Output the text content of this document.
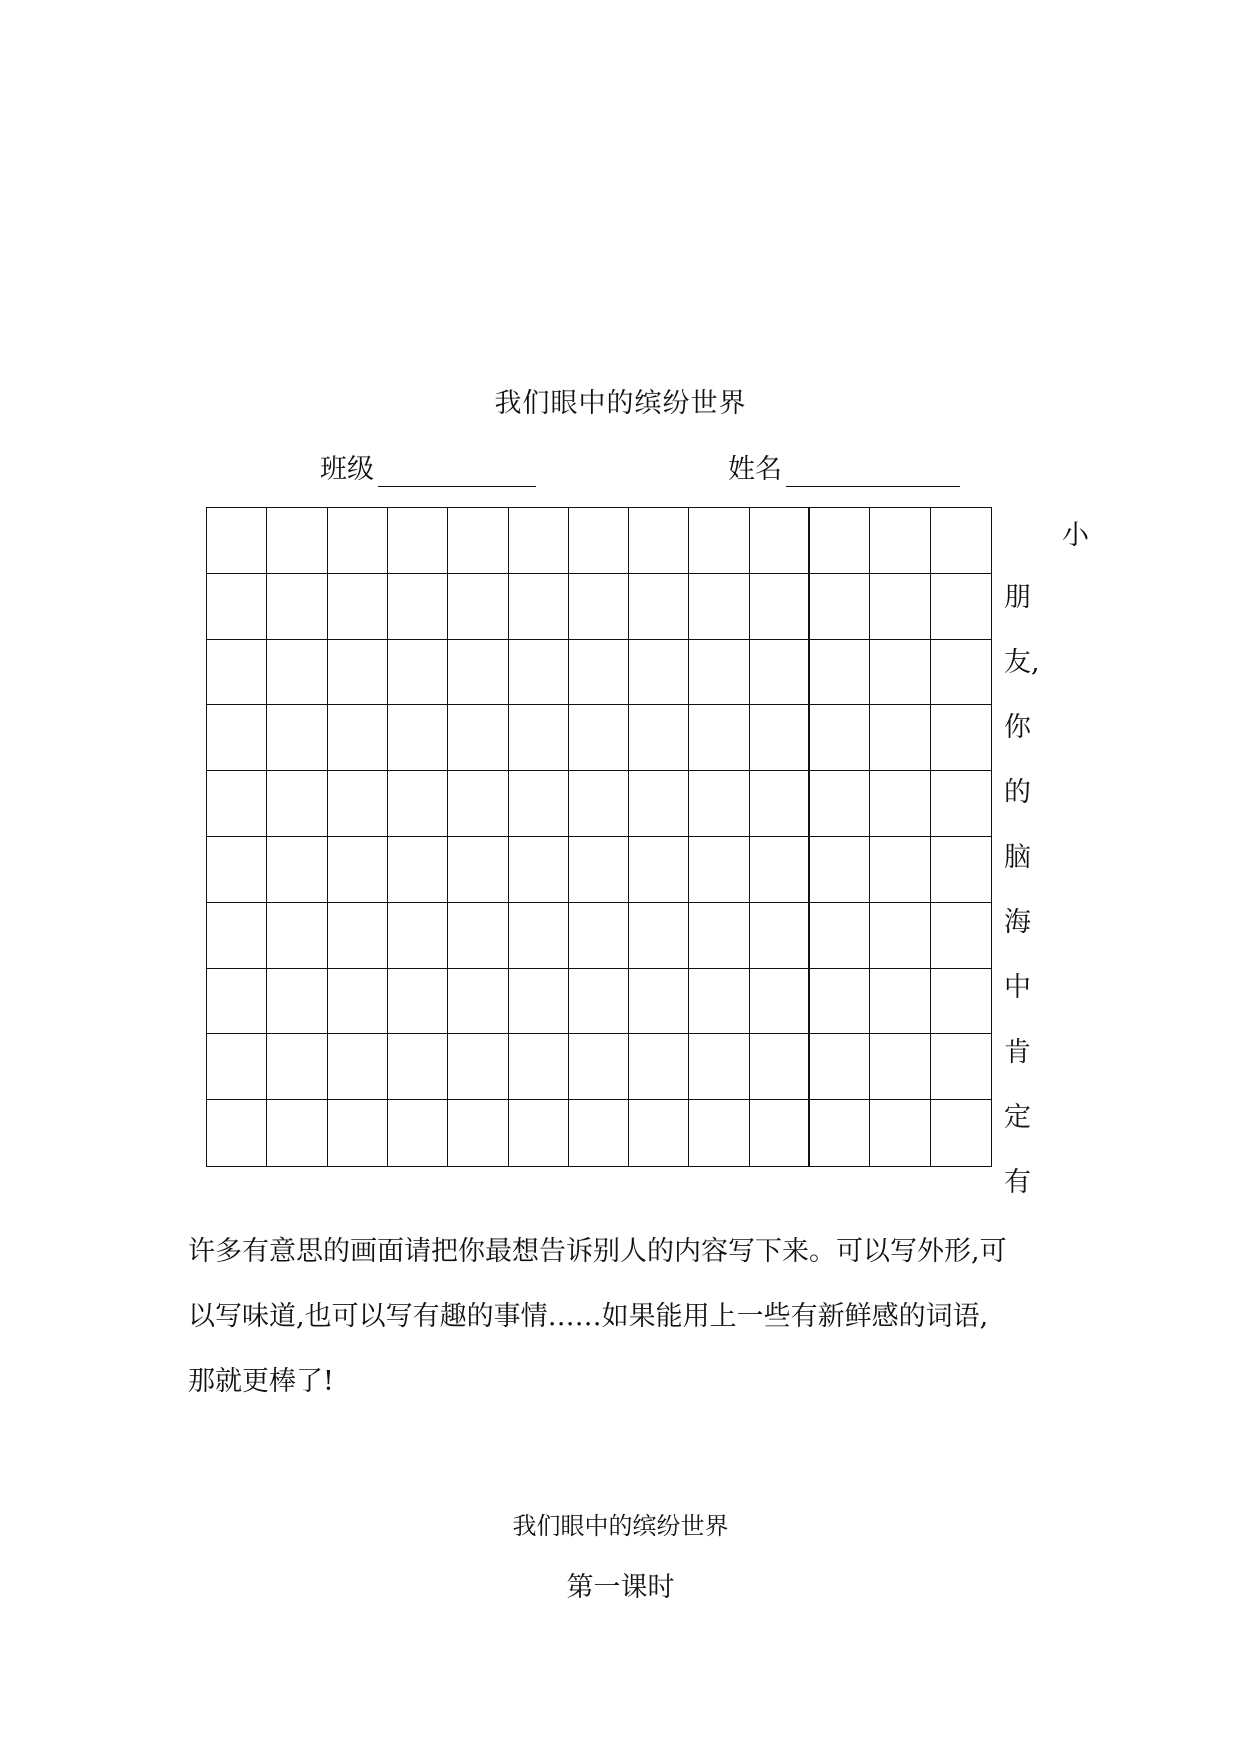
我们眼中的缤纷世界
班级	姓名
小
朋
友,
你
的
脑
海
中
肯
定
有
许多有意思的画面请把你最想告诉别人的内容写下来。可以写外形,可
以写味道,也可以写有趣的事情……如果能用上一些有新鲜感的词语,
那就更棒了!
我们眼中的缤纷世界
第一课时
